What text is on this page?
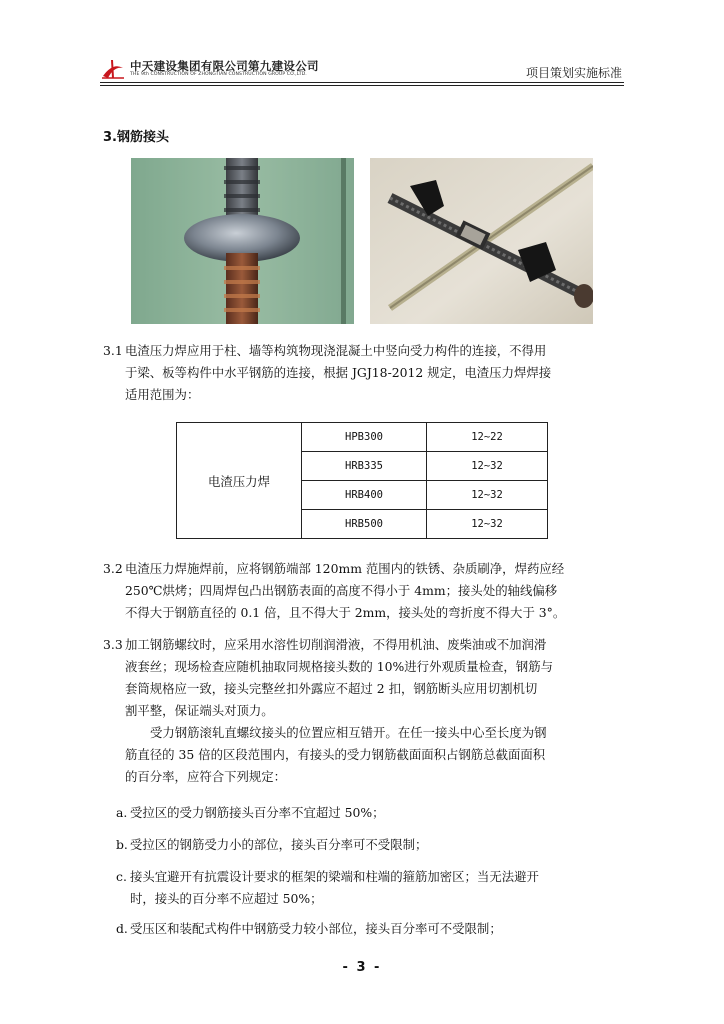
中天建设集团有限公司第九建设公司
THE 9th CONSTRUCTION OF ZHONGTIAN CONSTRUCTION GROUP CO.,LTD.	项目策划实施标准
3.钢筋接头
3.1 电渣压力焊应用于柱、墙等构筑物现浇混凝土中竖向受力构件的连接，不得用
于梁、板等构件中水平钢筋的连接，根据 JGJ18-2012 规定，电渣压力焊焊接
适用范围为：
电渣压力焊	HPB300	12~22
	HRB335	12~32
	HRB400	12~32
	HRB500	12~32
3.2 电渣压力焊施焊前，应将钢筋端部 120mm 范围内的铁锈、杂质刷净，焊药应经
250℃烘烤；四周焊包凸出钢筋表面的高度不得小于 4mm；接头处的轴线偏移
不得大于钢筋直径的 0.1 倍，且不得大于 2mm，接头处的弯折度不得大于 3°。
3.3 加工钢筋螺纹时，应采用水溶性切削润滑液，不得用机油、废柴油或不加润滑
液套丝；现场检查应随机抽取同规格接头数的 10%进行外观质量检查，钢筋与
套筒规格应一致，接头完整丝扣外露应不超过 2 扣，钢筋断头应用切割机切
割平整，保证端头对顶力。
受力钢筋滚轧直螺纹接头的位置应相互错开。在任一接头中心至长度为钢
筋直径的 35 倍的区段范围内，有接头的受力钢筋截面面积占钢筋总截面面积
的百分率，应符合下列规定：
a. 受拉区的受力钢筋接头百分率不宜超过 50%；
b. 受拉区的钢筋受力小的部位，接头百分率可不受限制；
c. 接头宜避开有抗震设计要求的框架的梁端和柱端的箍筋加密区；当无法避开
时，接头的百分率不应超过 50%；
d. 受压区和装配式构件中钢筋受力较小部位，接头百分率可不受限制；
- 3 -
